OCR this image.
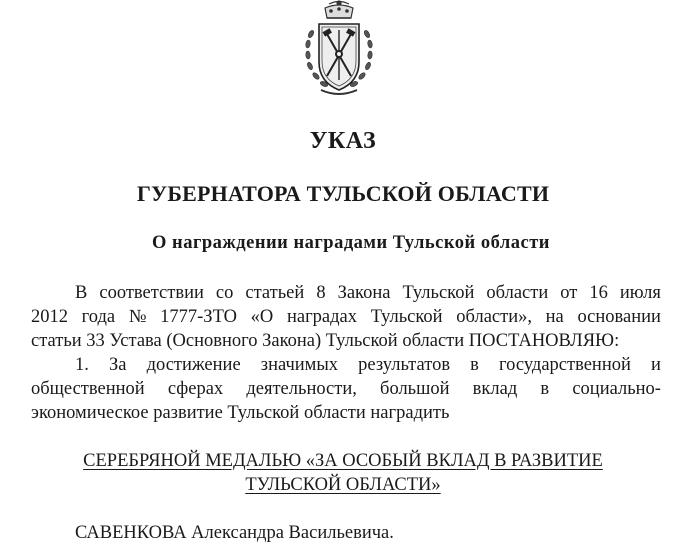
УКАЗ
ГУБЕРНАТОРА ТУЛЬСКОЙ ОБЛАСТИ
О награждении наградами Тульской области
В соответствии со статьей 8 Закона Тульской области от 16 июля
2012 года № 1777-ЗТО «О наградах Тульской области», на основании
статьи 33 Устава (Основного Закона) Тульской области ПОСТАНОВЛЯЮ:
1. За достижение значимых результатов в государственной и
общественной сферах деятельности, большой вклад в социально-
экономическое развитие Тульской области наградить
СЕРЕБРЯНОЙ МЕДАЛЬЮ «ЗА ОСОБЫЙ ВКЛАД В РАЗВИТИЕ
ТУЛЬСКОЙ ОБЛАСТИ»
САВЕНКОВА Александра Васильевича.
